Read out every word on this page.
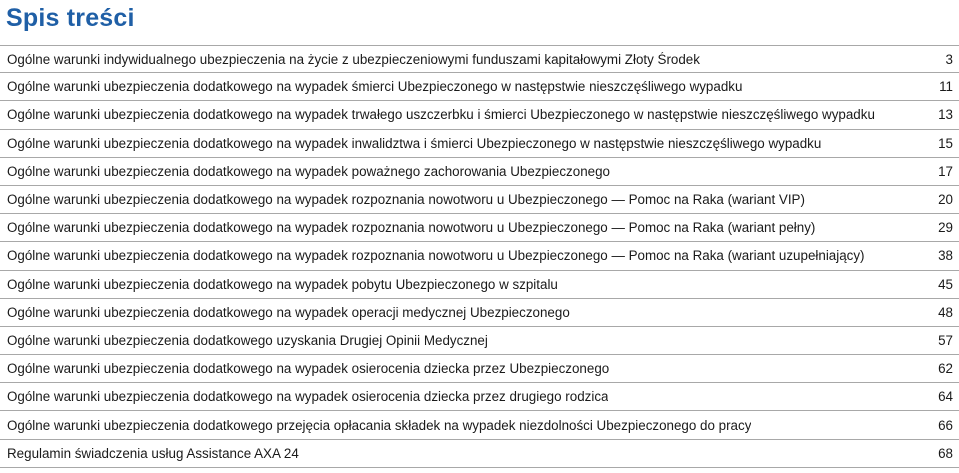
Spis treści
Ogólne warunki indywidualnego ubezpieczenia na życie z ubezpieczeniowymi funduszami kapitałowymi Złoty Środek	3
Ogólne warunki ubezpieczenia dodatkowego na wypadek śmierci Ubezpieczonego w następstwie nieszczęśliwego wypadku	11
Ogólne warunki ubezpieczenia dodatkowego na wypadek trwałego uszczerbku i śmierci Ubezpieczonego w następstwie nieszczęśliwego wypadku	13
Ogólne warunki ubezpieczenia dodatkowego na wypadek inwalidztwa i śmierci Ubezpieczonego w następstwie nieszczęśliwego wypadku	15
Ogólne warunki ubezpieczenia dodatkowego na wypadek poważnego zachorowania Ubezpieczonego	17
Ogólne warunki ubezpieczenia dodatkowego na wypadek rozpoznania nowotworu u Ubezpieczonego — Pomoc na Raka (wariant VIP)	20
Ogólne warunki ubezpieczenia dodatkowego na wypadek rozpoznania nowotworu u Ubezpieczonego — Pomoc na Raka (wariant pełny)	29
Ogólne warunki ubezpieczenia dodatkowego na wypadek rozpoznania nowotworu u Ubezpieczonego — Pomoc na Raka (wariant uzupełniający)	38
Ogólne warunki ubezpieczenia dodatkowego na wypadek pobytu Ubezpieczonego w szpitalu	45
Ogólne warunki ubezpieczenia dodatkowego na wypadek operacji medycznej Ubezpieczonego	48
Ogólne warunki ubezpieczenia dodatkowego uzyskania Drugiej Opinii Medycznej	57
Ogólne warunki ubezpieczenia dodatkowego na wypadek osierocenia dziecka przez Ubezpieczonego	62
Ogólne warunki ubezpieczenia dodatkowego na wypadek osierocenia dziecka przez drugiego rodzica	64
Ogólne warunki ubezpieczenia dodatkowego przejęcia opłacania składek na wypadek niezdolności Ubezpieczonego do pracy	66
Regulamin świadczenia usług Assistance AXA 24	68
